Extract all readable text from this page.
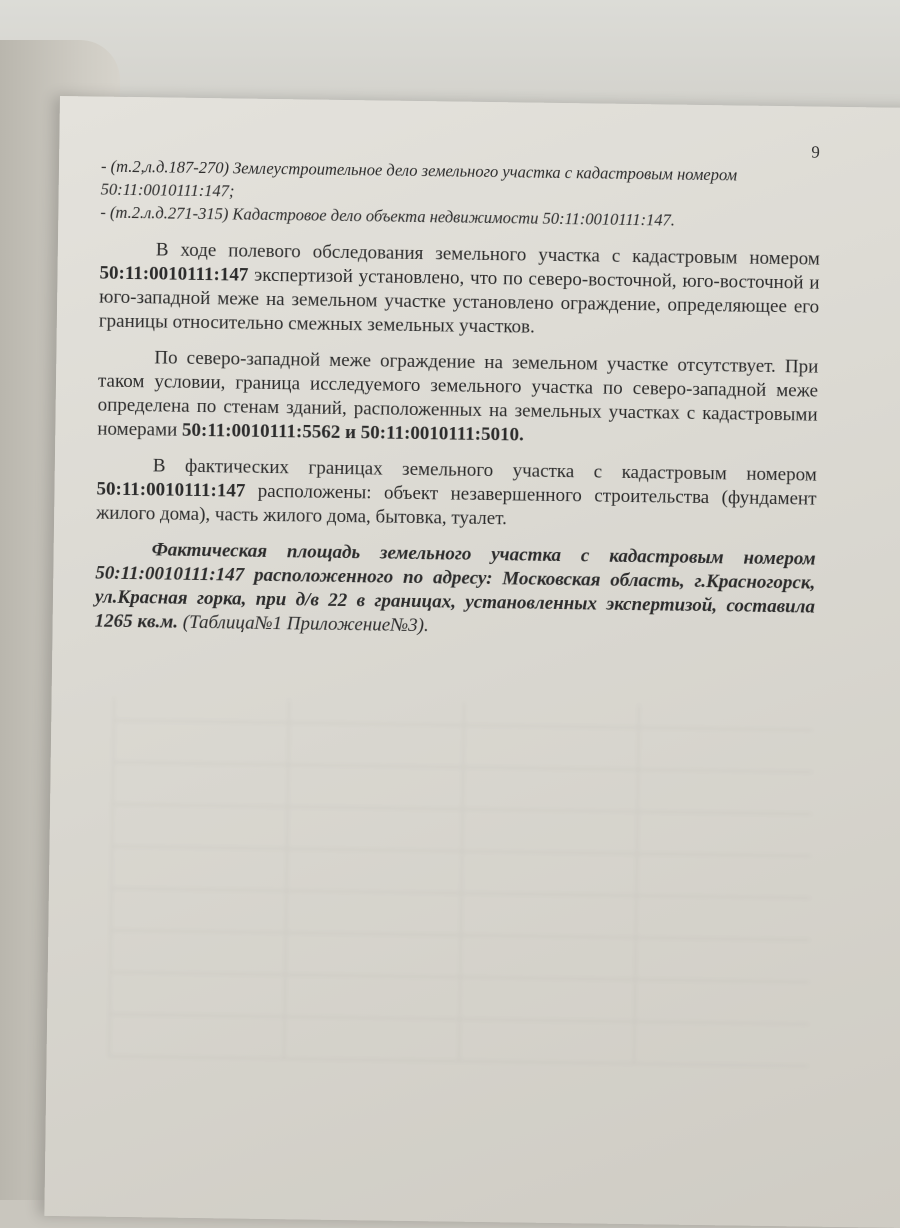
9
- (т.2,л.д.187-270) Землеустроительное дело земельного участка с кадастровым номером 50:11:0010111:147;
- (т.2.л.д.271-315) Кадастровое дело объекта недвижимости 50:11:0010111:147.

В ходе полевого обследования земельного участка с кадастровым номером 50:11:0010111:147 экспертизой установлено, что по северо-восточной, юго-восточной и юго-западной меже на земельном участке установлено ограждение, определяющее его границы относительно смежных земельных участков.

По северо-западной меже ограждение на земельном участке отсутствует. При таком условии, граница исследуемого земельного участка по северо-западной меже определена по стенам зданий, расположенных на земельных участках с кадастровыми номерами 50:11:0010111:5562 и 50:11:0010111:5010.

В фактических границах земельного участка с кадастровым номером 50:11:0010111:147 расположены: объект незавершенного строительства (фундамент жилого дома), часть жилого дома, бытовка, туалет.

Фактическая площадь земельного участка с кадастровым номером 50:11:0010111:147 расположенного по адресу: Московская область, г.Красногорск, ул.Красная горка, при д/в 22 в границах, установленных экспертизой, составила 1265 кв.м. (Таблица№1 Приложение№3).
